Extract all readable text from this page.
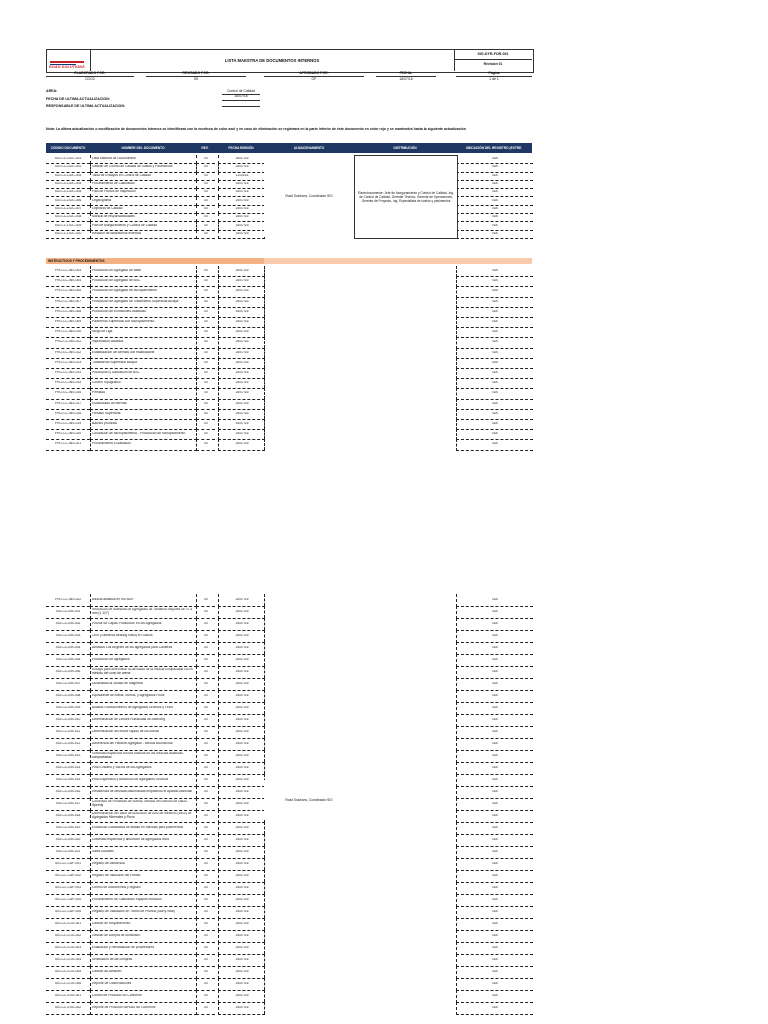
ROAD SOLUTIONS
LISTA MAESTRA DE DOCUMENTOS INTERNOS
SIG-DYR-FOR-001
Revisión 01
ELABORADO POR:
CDCD
REVISADO POR:
SS
APROBADO POR:
GP
FECHA:
16/07/16
Página
1 de 1
AREA:	Control de Calidad
FECHA DE ULTIMA ACTUALIZACION:
16/07/16
RESPONSABLE DE ULTIMA ACTUALIZACION:
Nota: La última actualización o modificación de documentos internos se identificará con la escritura de color azul y en caso de eliminación se registrará en la parte inferior de éste documento en color rojo y se mantendrá hasta la siguiente actualización
CÓDIGO DOCUMENTO	NOMBRE DEL DOCUMENTO	REV.	FECHA EMISIÓN	ALMACENAMIENTO	DISTRIBUCIÓN	UBICACIÓN DEL REGISTRO (EXTRE.
SIG-CC-DOC-001	Lista Maestra de Documentos	00	25/07/16	N/A
SIG-CC-DOC-002	Gestión de Control de Calidad de Suelos y Pavimentos	00	25/07/16	N/A
SIG-CC-DOC-003	Tabla de Ensayos en Control de Calidad	00	11/04/16	N/A
SIG-CC-DOC-004	Procedimiento de Calibración	00	25/07/16	N/A
SIG-CC-DOC-005	Plan de Puntos de Inspección	00	25/07/16	N/A
SIG-CC-DOC-006	Organigrama	00	25/07/16	N/A
SIG-CC-DOC-007	Objetivos de Calidad	00	25/07/16	N/A
SIG-CC-DOC-008	Manual de responsabilidades	00	25/07/16	N/A
SIG-CC-DOC-009	Plan de Aseguramiento y Control de Calidad	00	25/07/16	N/A
SIG-CC-DOC-010	Relación de laboratorios externos	00	25/07/16	N/A
Road Solutions, Coordinador SIG
Electrónicamente: Jefe de Aseguramiento y Control de Calidad, Ing. de Control de Calidad, Gerente Técnico, Gerente de Operaciones, Gerente de Proyecto, Ing. Especialista de suelos y pavimentos
INSTRUCTIVOS Y PROCEDIMIENTOS
PRO-CC-INS-004	Producción de Agregado de Base	00	25/07/16	N/A
PRO-CC-INS-005	Producción de Agregado de BSC	00	25/07/16	N/A
PRO-CC-INS-006	Producción de Agregado de Micropavimento	00	25/07/16	N/A
PRO-CC-INS-007	Producción de Agregado de Tratamiento Superficial Bicapa	00	25/07/16	N/A
PRO-CC-INS-008	Producción de Emulsiones Asfálticas	00	25/07/16	N/A
PRO-CC-INS-009	Pavimento Superficial con Micropavimento	00	25/07/16	N/A
PRO-CC-INS-010	Riego de Liga	00	25/07/16	N/A
PRO-CC-INS-011	Imprimación Asfáltica	00	25/07/16	N/A
PRO-CC-INS-012	Estabilización de Bermas con estabilizante	00	25/07/16	N/A
PRO-CC-INS-013	Tratamiento Superficial Bicapa	00	25/07/16	N/A
PRO-CC-INS-014	Producción y colocación de BSC	00	25/07/16	N/A
PRO-CC-INS-015	Control Topográfico	00	25/07/16	N/A
PRO-CC-INS-016	Perfilado	00	25/07/16	N/A
PRO-CC-INS-017	Escarificado de Bermas	00	25/07/16	N/A
PRO-CC-INS-018	Fresado Superficial	00	25/07/16	N/A
PRO-CC-INS-019	Bacheo profundo	00	25/07/16	N/A
PRO-CC-INS-020	Colocación de Micropavimento - Producción de Micropavimento	00	25/07/16	N/A
PRO-CC-INS-021	Procedimiento Excavación	00	25/07/16	N/A
PRO-CC-INS-022	Mezcla asfáltica en frío MAF	00	25/07/16	N/A
SIG-CC-INS-001	Reducción de Muestras de Agregados de Tamaños mayores de 37.5 mm (1 1/2")	00	25/07/16	N/A
SIG-CC-INS-002	Proctor de Capas Producción en los Agregados	00	25/07/16	N/A
SIG-CC-INS-003	CBR (California Bearing Ratio) en Suelos	00	25/07/16	N/A
SIG-CC-INS-004	Abrasión Los Ángeles de los agregados para Canteras	00	25/07/16	N/A
SIG-CC-INS-005	Producción de agregados	00	25/07/16	N/A
SIG-CC-INS-006	Ensayo para determinar la densidad de la mezcla compactada con el método del cono de arena	00	25/07/16	N/A
SIG-CC-INS-007	Durabilidad al Sulfato de Magnesio	00	25/07/16	N/A
SIG-CC-INS-008	Equivalente de Arena, Suelos, y Agregados Finos	00	25/07/16	N/A
SIG-CC-INS-009	Análisis Granulométrico de Agregados Gruesos y Finos	00	25/07/16	N/A
SIG-CC-INS-010	Determinación de Límites Plasticidad de Atterberg	00	25/07/16	N/A
SIG-CC-INS-011	Determinación del Índice líquido de los suelos	00	25/07/16	N/A
SIG-CC-INS-012	Adherencia del Filtrante Agregado - Mezcla Bituminosa	00	25/07/16	N/A
SIG-CC-INS-013	Gravedad específica teórica máxima de las mezclas asfálticas compactadas	00	25/07/16	N/A
SIG-CC-INS-014	Peso Unitario y Vacíos de los Agregados	00	25/07/16	N/A
SIG-CC-INS-015	Peso Específico y Absorción de Agregados Gruesos	00	25/07/16	N/A
SIG-CC-INS-016	Resistencia de Mezclas Bituminosas empleando el Aparato Marshall	00	25/07/16	N/A
SIG-CC-INS-017	Contenido de Humedad de Suelos, Método del carburo de calcio - Speedy	00	25/07/16	N/A
SIG-CC-INS-018	Determinación del Valor de Absorción de Azul de Metileno (MBV) de Agregados Minerales y Finos	00	25/07/16	N/A
SIG-CC-INS-019	Extracción cuantitativa de asfalto en mezclas para pavimentos	00	25/07/16	N/A
SIG-CC-INS-020	Gravedad específica y absorción de agregados finos	00	25/07/16	N/A
SIG-CC-INS-021	Sales Solubles	00	25/07/16	N/A
SIG-CC-CAP-001	Registro de Asistencia	00	25/07/16	N/A
SIG-CC-CAP-002	Registro de Inducción del Puesto	00	25/07/16	N/A
SIG-CC-CAP-003	Control de documentos y registro	00	25/07/16	N/A
SIG-CC-CAP-004	Procedimiento de Calibración equipos medición	00	25/07/16	N/A
SIG-CC-CAP-005	Registro de Validación en Tramo de Prueba (Slurry Seal)	00	25/07/16	N/A
SIG-CC-LOG-001	Gestión de Requerimiento	00	25/07/16	N/A
SIG-CC-LOG-002	Gestión de compra de suministro	00	25/07/16	N/A
SIG-CC-LOG-003	Evaluación y reevaluación de proveedores	00	25/07/16	N/A
SIG-CC-LOG-004	Verificación de las compras	00	25/07/16	N/A
SIG-CC-LOG-005	Gestión de Almacén	00	25/07/16	N/A
SIG-CC-LOG-006	Reporte de Observaciones	00	25/07/16	N/A
SIG-CC-ESG-001	Control de Producto No Conforme	00	25/07/16	N/A
SIG-CC-ESG-002	Reporte de Producto Servicio No Conforme	00	25/07/16	N/A
Road Solutions, Coordinador SIG
